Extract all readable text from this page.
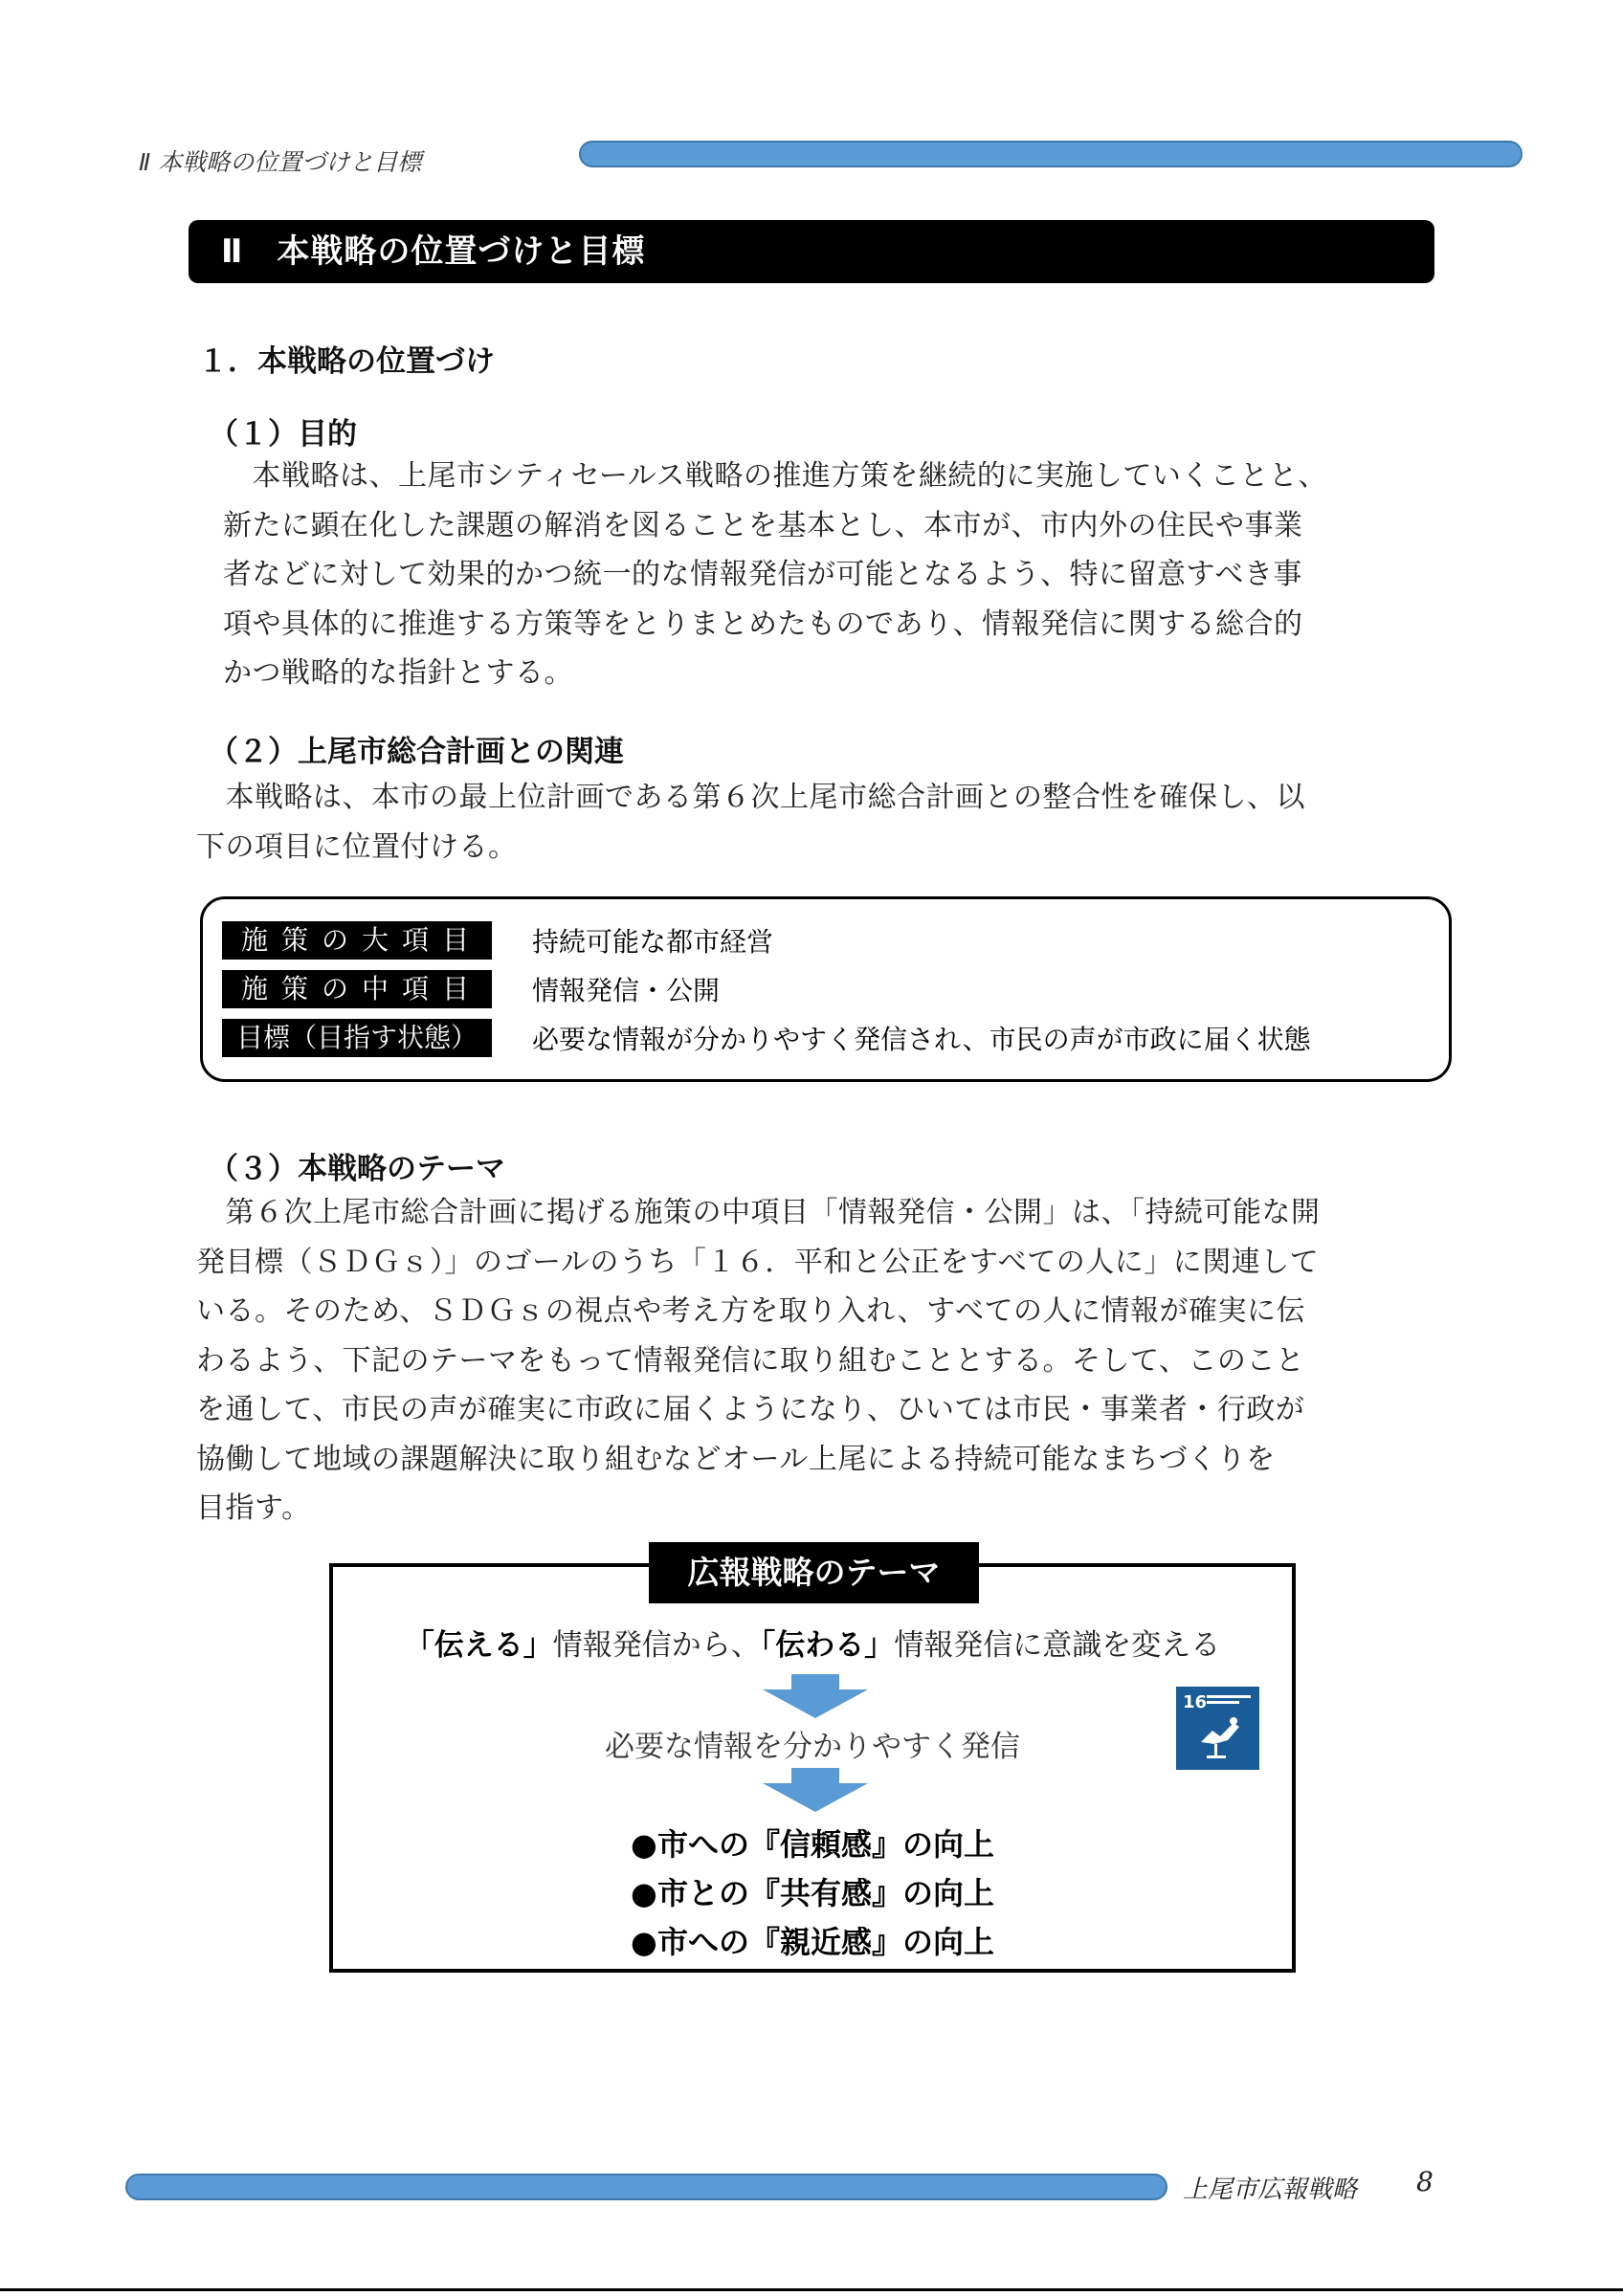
Ⅱ 本戦略の位置づけと目標
Ⅱ　本戦略の位置づけと目標
１．本戦略の位置づけ
（１）目的
　本戦略は、上尾市シティセールス戦略の推進方策を継続的に実施していくことと、
新たに顕在化した課題の解消を図ることを基本とし、本市が、市内外の住民や事業
者などに対して効果的かつ統一的な情報発信が可能となるよう、特に留意すべき事
項や具体的に推進する方策等をとりまとめたものであり、情報発信に関する総合的
かつ戦略的な指針とする。
（２）上尾市総合計画との関連
　本戦略は、本市の最上位計画である第６次上尾市総合計画との整合性を確保し、以
下の項目に位置付ける。
施策の大項目	持続可能な都市経営
施策の中項目	情報発信・公開
目標（目指す状態）	必要な情報が分かりやすく発信され、市民の声が市政に届く状態
（３）本戦略のテーマ
　第６次上尾市総合計画に掲げる施策の中項目「情報発信・公開」は、「持続可能な開
発目標（ＳＤＧｓ）」のゴールのうち「１６．平和と公正をすべての人に」に関連して
いる。そのため、ＳＤＧｓの視点や考え方を取り入れ、すべての人に情報が確実に伝
わるよう、下記のテーマをもって情報発信に取り組むこととする。そして、このこと
を通して、市民の声が確実に市政に届くようになり、ひいては市民・事業者・行政が
協働して地域の課題解決に取り組むなどオール上尾による持続可能なまちづくりを
目指す。
広報戦略のテーマ
「伝える」情報発信から、「伝わる」情報発信に意識を変える
必要な情報を分かりやすく発信
●市への『信頼感』の向上
●市との『共有感』の向上
●市への『親近感』の向上
16
上尾市広報戦略 8
